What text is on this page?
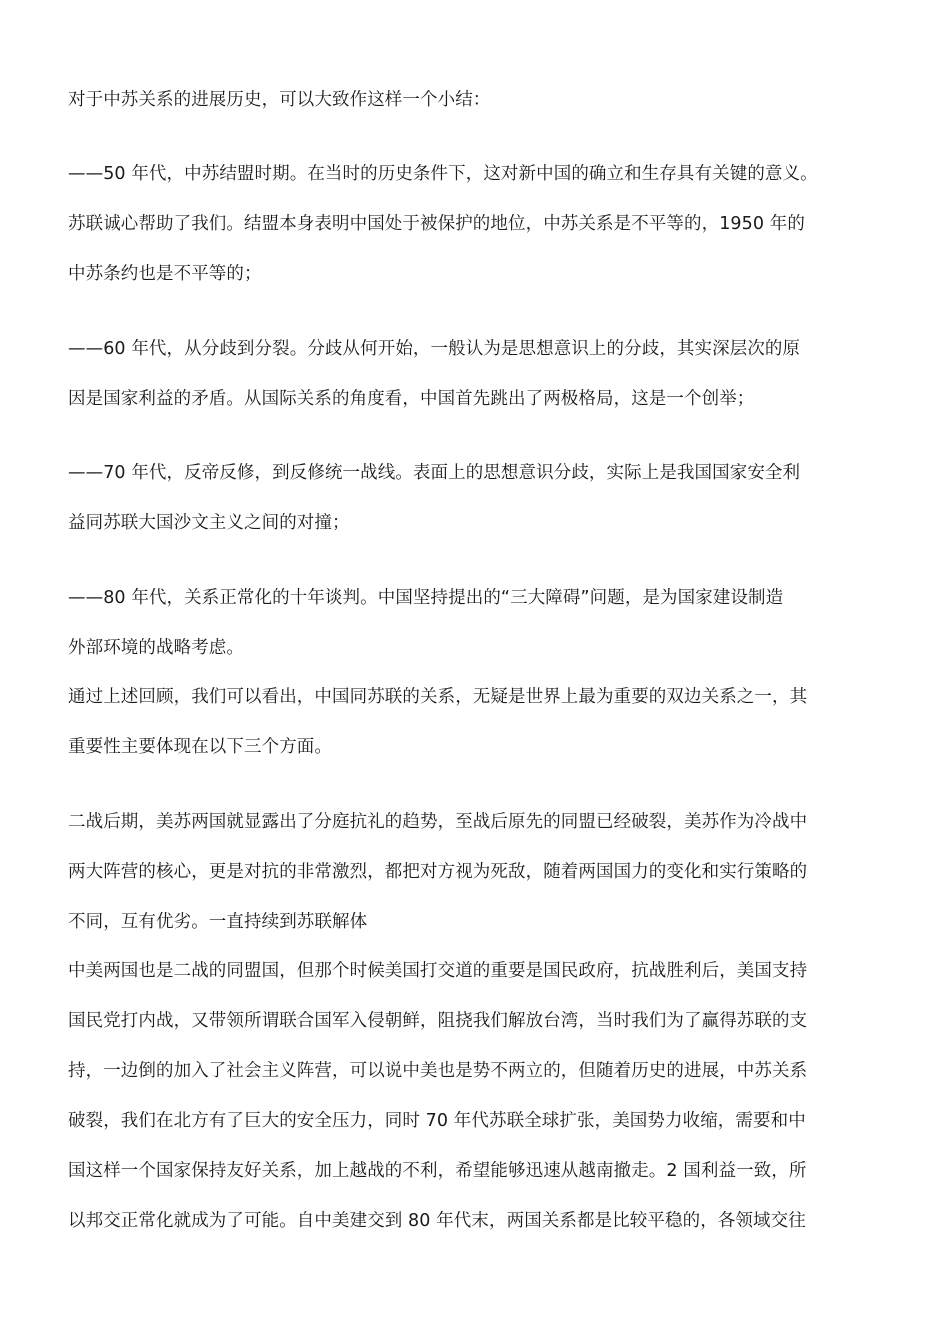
对于中苏关系的进展历史，可以大致作这样一个小结：
——50 年代，中苏结盟时期。在当时的历史条件下，这对新中国的确立和生存具有关键的意义。
苏联诚心帮助了我们。结盟本身表明中国处于被保护的地位，中苏关系是不平等的，1950 年的
中苏条约也是不平等的；
——60 年代，从分歧到分裂。分歧从何开始，一般认为是思想意识上的分歧，其实深层次的原
因是国家利益的矛盾。从国际关系的角度看，中国首先跳出了两极格局，这是一个创举；
——70 年代，反帝反修，到反修统一战线。表面上的思想意识分歧，实际上是我国国家安全利
益同苏联大国沙文主义之间的对撞；
——80 年代，关系正常化的十年谈判。中国坚持提出的“三大障碍”问题，是为国家建设制造
外部环境的战略考虑。
通过上述回顾，我们可以看出，中国同苏联的关系，无疑是世界上最为重要的双边关系之一，其
重要性主要体现在以下三个方面。
二战后期，美苏两国就显露出了分庭抗礼的趋势，至战后原先的同盟已经破裂，美苏作为冷战中
两大阵营的核心，更是对抗的非常激烈，都把对方视为死敌，随着两国国力的变化和实行策略的
不同，互有优劣。一直持续到苏联解体
中美两国也是二战的同盟国，但那个时候美国打交道的重要是国民政府，抗战胜利后，美国支持
国民党打内战，又带领所谓联合国军入侵朝鲜，阻挠我们解放台湾，当时我们为了赢得苏联的支
持，一边倒的加入了社会主义阵营，可以说中美也是势不两立的，但随着历史的进展，中苏关系
破裂，我们在北方有了巨大的安全压力，同时 70 年代苏联全球扩张，美国势力收缩，需要和中
国这样一个国家保持友好关系，加上越战的不利，希望能够迅速从越南撤走。2 国利益一致，所
以邦交正常化就成为了可能。自中美建交到 80 年代末，两国关系都是比较平稳的，各领域交往
